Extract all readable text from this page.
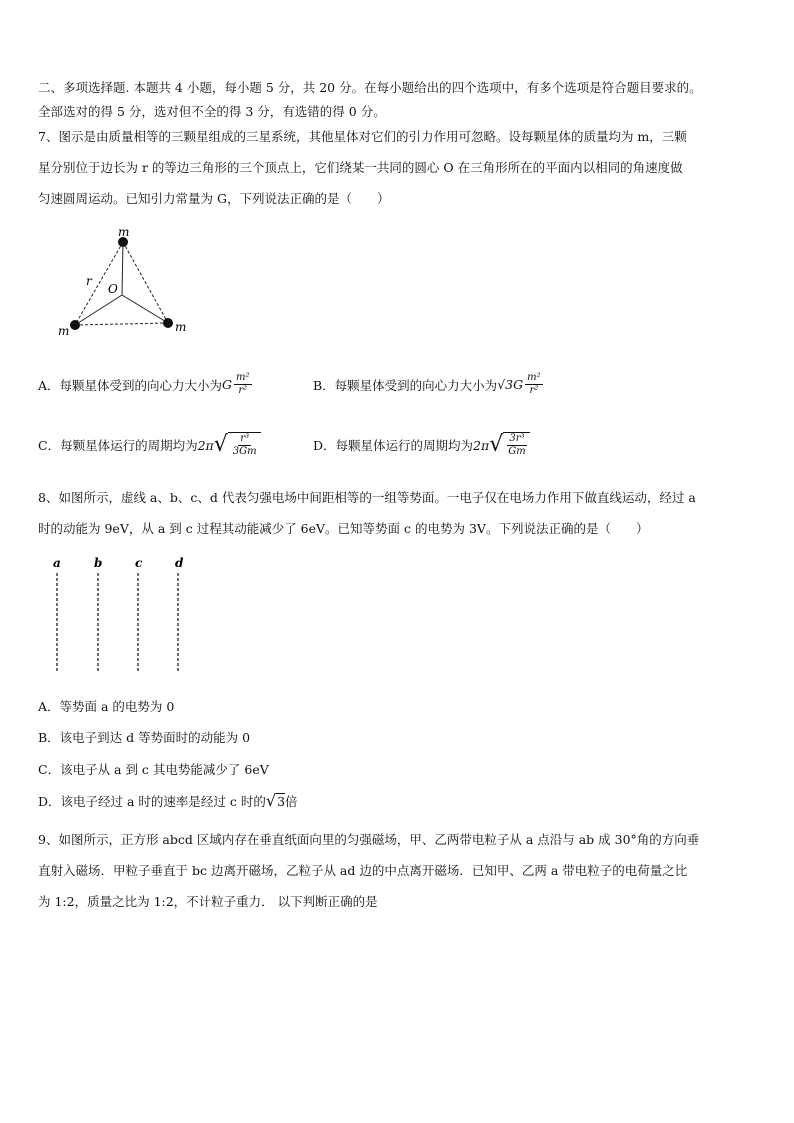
二、多项选择题. 本题共 4 小题，每小题 5 分，共 20 分。在每小题给出的四个选项中，有多个选项是符合题目要求的。
全部选对的得 5 分，选对但不全的得 3 分，有选错的得 0 分。
7、图示是由质量相等的三颗星组成的三星系统，其他星体对它们的引力作用可忽略。设每颗星体的质量均为 m，三颗
星分别位于边长为 r 的等边三角形的三个顶点上，它们绕某一共同的圆心 O 在三角形所在的平面内以相同的角速度做
匀速圆周运动。已知引力常量为 G，下列说法正确的是（　　）
m
m	m
O
r
A．每颗星体受到的向心力大小为 G $\frac{\text{m²}}{\text{r²}}$	B．每颗星体受到的向心力大小为 $√3G \frac{\text{m²}}{\text{r²}}$
C．每颗星体运行的周期均为 2π √ $\frac{\text{r³}}{3Gm}$	D．每颗星体运行的周期均为 2π √ $\frac{\text{3r³}}{Gm}$
8、如图所示，虚线 a、b、c、d 代表匀强电场中间距相等的一组等势面。一电子仅在电场力作用下做直线运动，经过 a
时的动能为 9eV，从 a 到 c 过程其动能减少了 6eV。已知等势面 c 的电势为 3V。下列说法正确的是（　　）
a	b	c	d
A．等势面 a 的电势为 0
B．该电子到达 d 等势面时的动能为 0
C．该电子从 a 到 c 其电势能减少了 6eV
D．该电子经过 a 时的速率是经过 c 时的 √ 3 倍
9、如图所示，正方形 abcd 区域内存在垂直纸面向里的匀强磁场，甲、乙两带电粒子从 a 点沿与 ab 成 30°角的方向垂
直射入磁场．甲粒子垂直于 bc 边离开磁场，乙粒子从 ad 边的中点离开磁场．已知甲、乙两 a 带电粒子的电荷量之比
为 1:2，质量之比为 1:2，不计粒子重力． 以下判断正确的是
